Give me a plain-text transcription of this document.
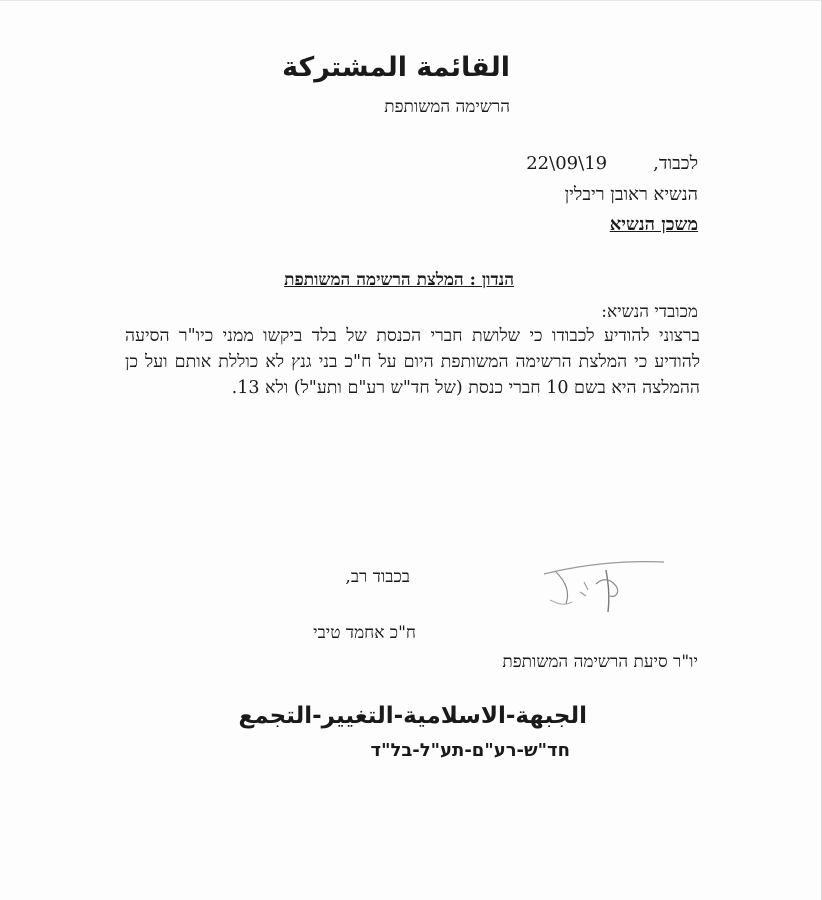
القائمة المشتركة
הרשימה המשותפת
לכבוד,19\09\22
הנשיא ראובן ריבלין
משכן הנשיא
הנדון : המלצת הרשימה המשותפת
מכובדי הנשיא:
ברצוני להודיע לכבודו כי שלושת חברי הכנסת של בלד ביקשו ממני כיו"ר הסיעה להודיע כי המלצת הרשימה המשותפת היום על ח"כ בני גנץ לא כוללת אותם ועל כן ההמלצה היא בשם 10 חברי כנסת (של חד"ש רע"ם ותע"ל) ולא 13.
בכבוד רב,
ח"כ אחמד טיבי
יו"ר סיעת הרשימה המשותפת
الجبهة-الاسلامية-التغيير-التجمع
חד"ש-רע"ם-תע"ל-בל"ד
